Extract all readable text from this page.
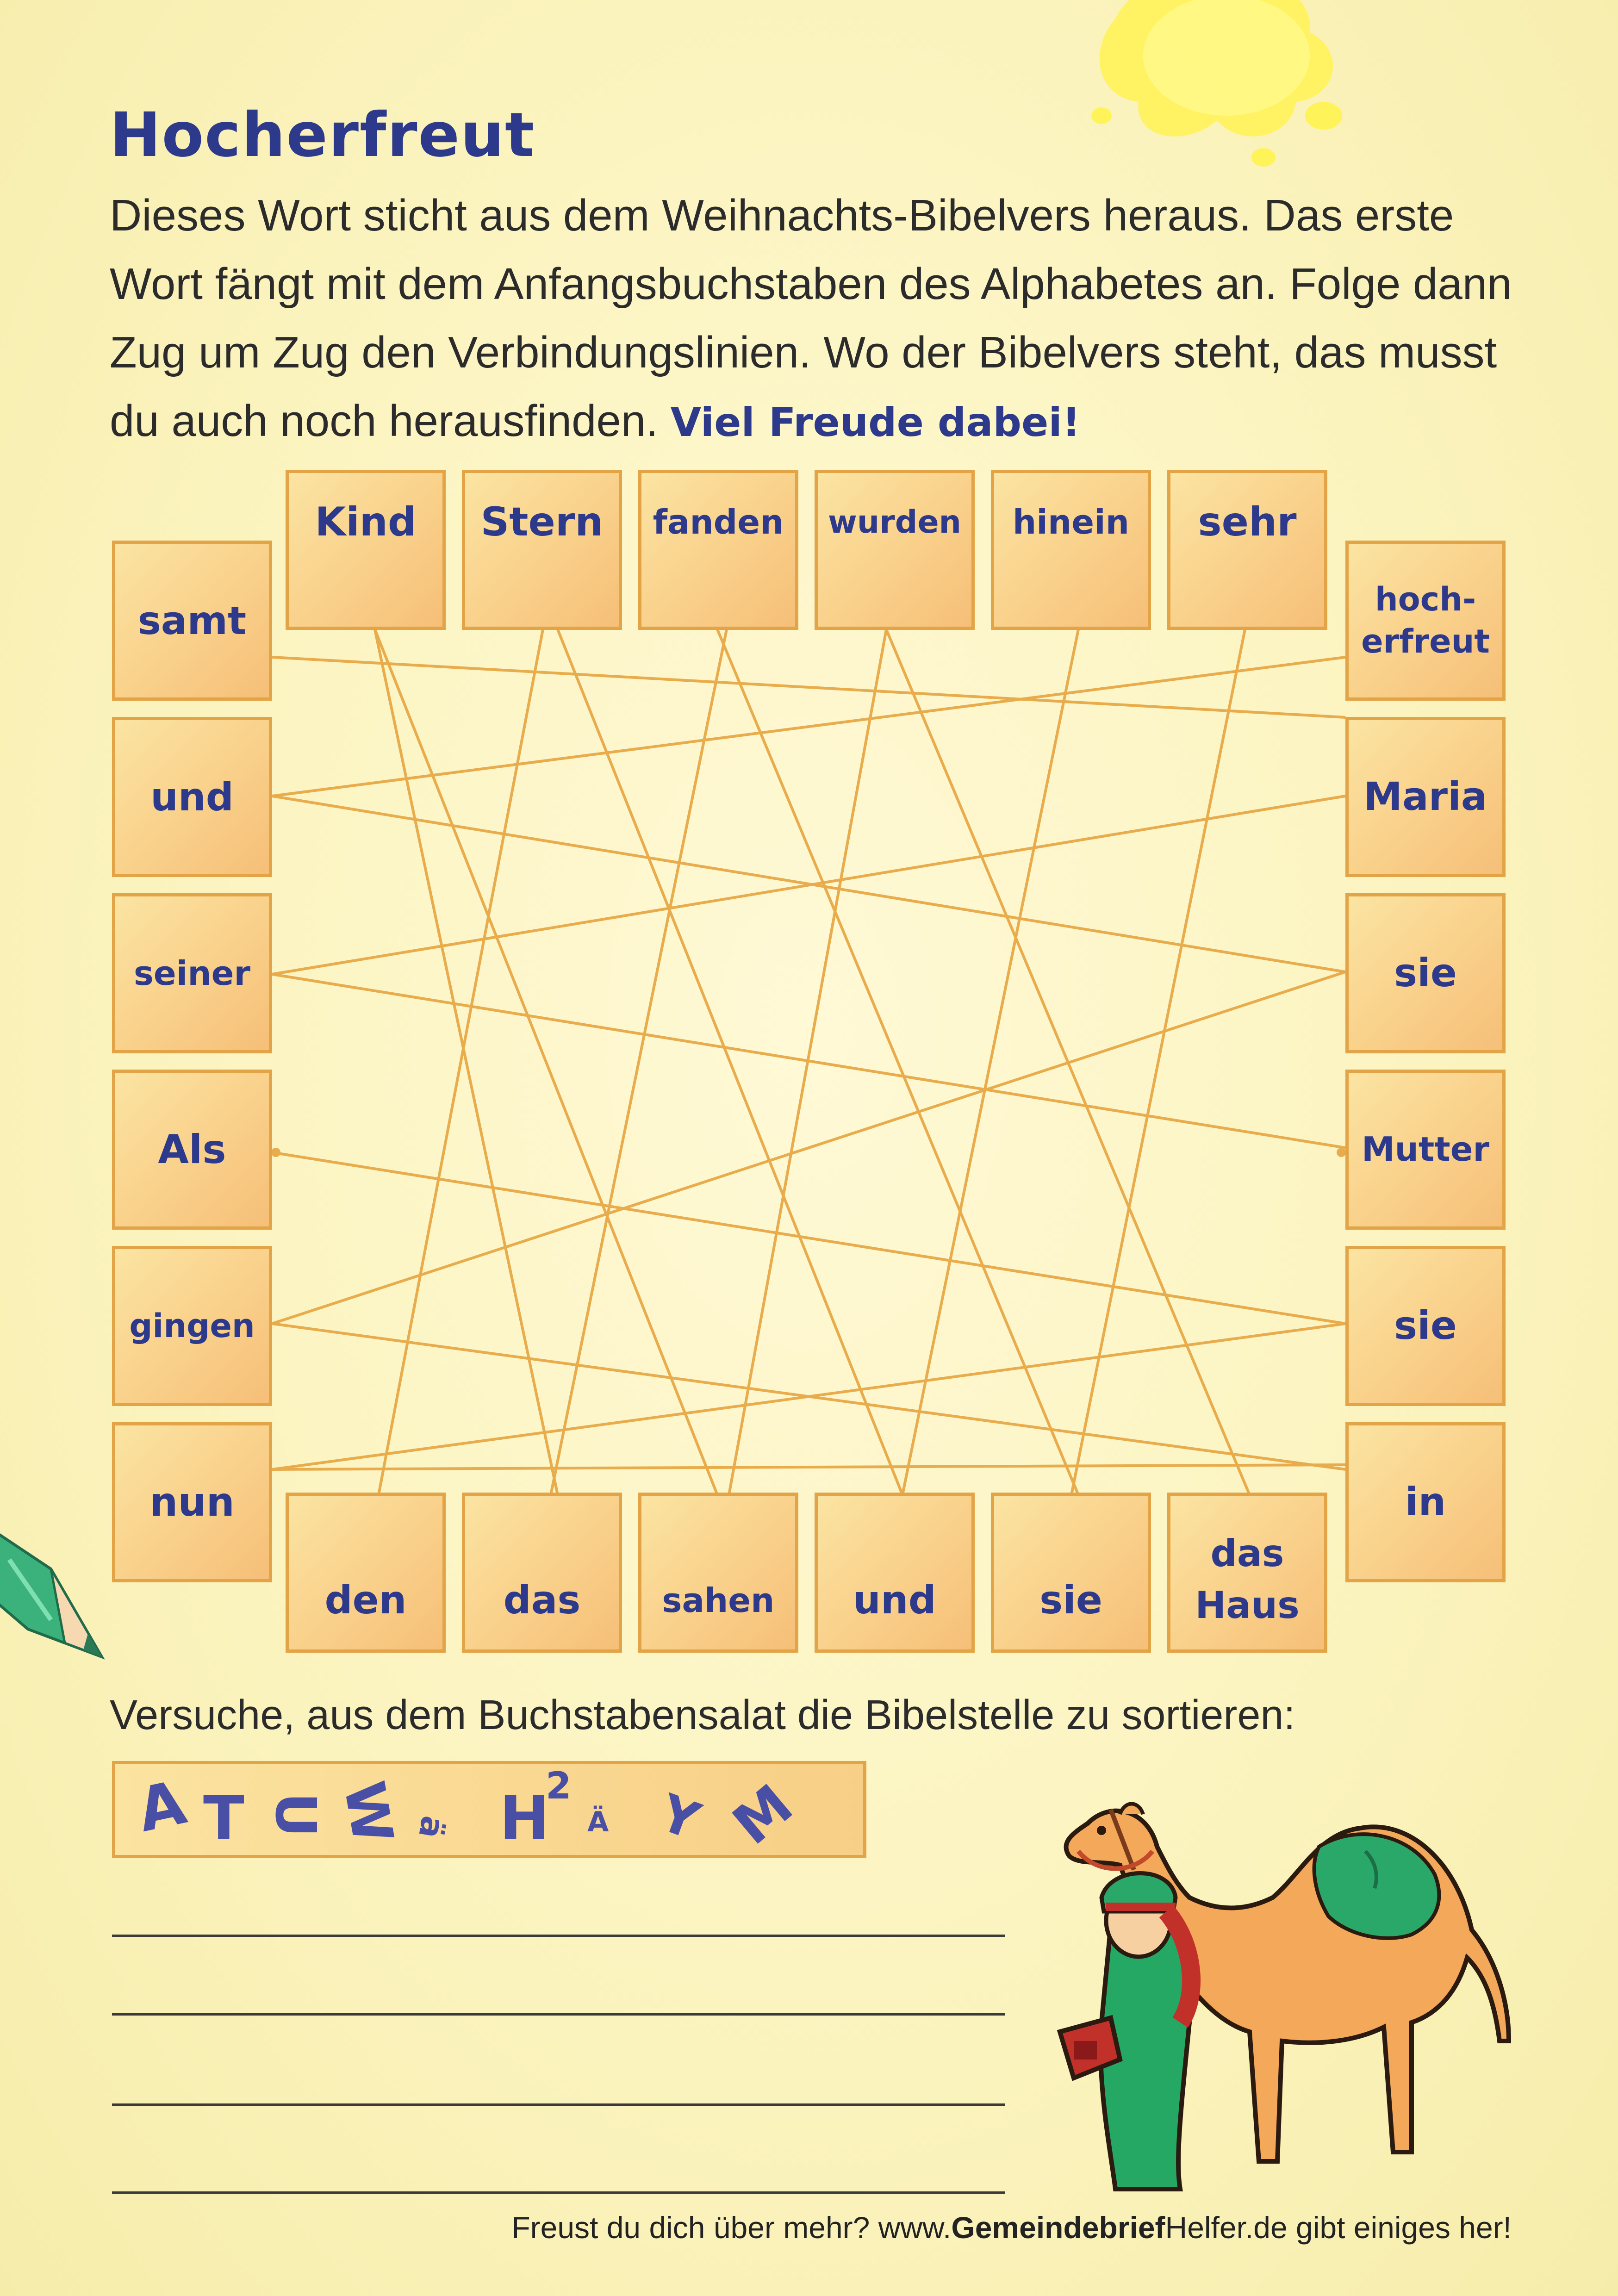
Hocherfreut
Dieses Wort sticht aus dem Weihnachts-Bibelvers heraus. Das erste Wort fängt mit dem Anfangsbuchstaben des Alphabetes an. Folge dann Zug um Zug den Verbindungslinien. Wo der Bibelvers steht, das musst du auch noch herausfinden. Viel Freude dabei!
Kind Stern fanden wurden hinein sehr
samt
und
seiner
Als
gingen
nun
hoch-
erfreut
Maria
sie
Mutter
sie
in
den das sahen und	sie
das
Haus
Versuche, aus dem Buchstabensalat die Bibelstelle zu sortieren:
A T U W ä H
2
Ä Y M
Freust du dich über mehr? www.GemeindebriefHelfer.de gibt einiges her!
